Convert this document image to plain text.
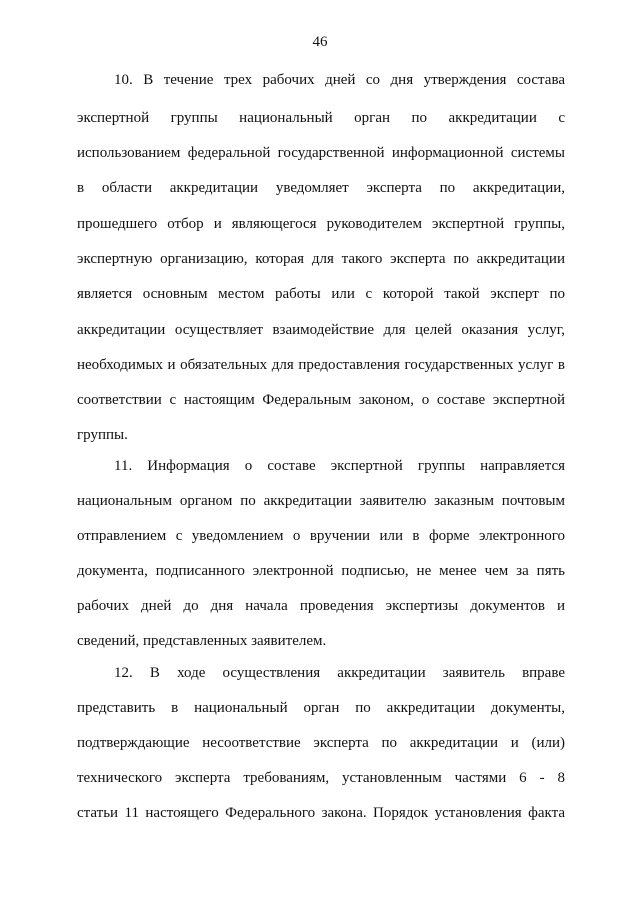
46
10. В течение трех рабочих дней со дня утверждения состава
экспертной группы национальный орган по аккредитации с
использованием федеральной государственной информационной системы
в области аккредитации уведомляет эксперта по аккредитации,
прошедшего отбор и являющегося руководителем экспертной группы,
экспертную организацию, которая для такого эксперта по аккредитации
является основным местом работы или с которой такой эксперт по
аккредитации осуществляет взаимодействие для целей оказания услуг,
необходимых и обязательных для предоставления государственных услуг в
соответствии с настоящим Федеральным законом, о составе экспертной
группы.
11. Информация о составе экспертной группы направляется
национальным органом по аккредитации заявителю заказным почтовым
отправлением с уведомлением о вручении или в форме электронного
документа, подписанного электронной подписью, не менее чем за пять
рабочих дней до дня начала проведения экспертизы документов и
сведений, представленных заявителем.
12. В ходе осуществления аккредитации заявитель вправе
представить в национальный орган по аккредитации документы,
подтверждающие несоответствие эксперта по аккредитации и (или)
технического эксперта требованиям, установленным частями 6 - 8
статьи 11 настоящего Федерального закона. Порядок установления факта
